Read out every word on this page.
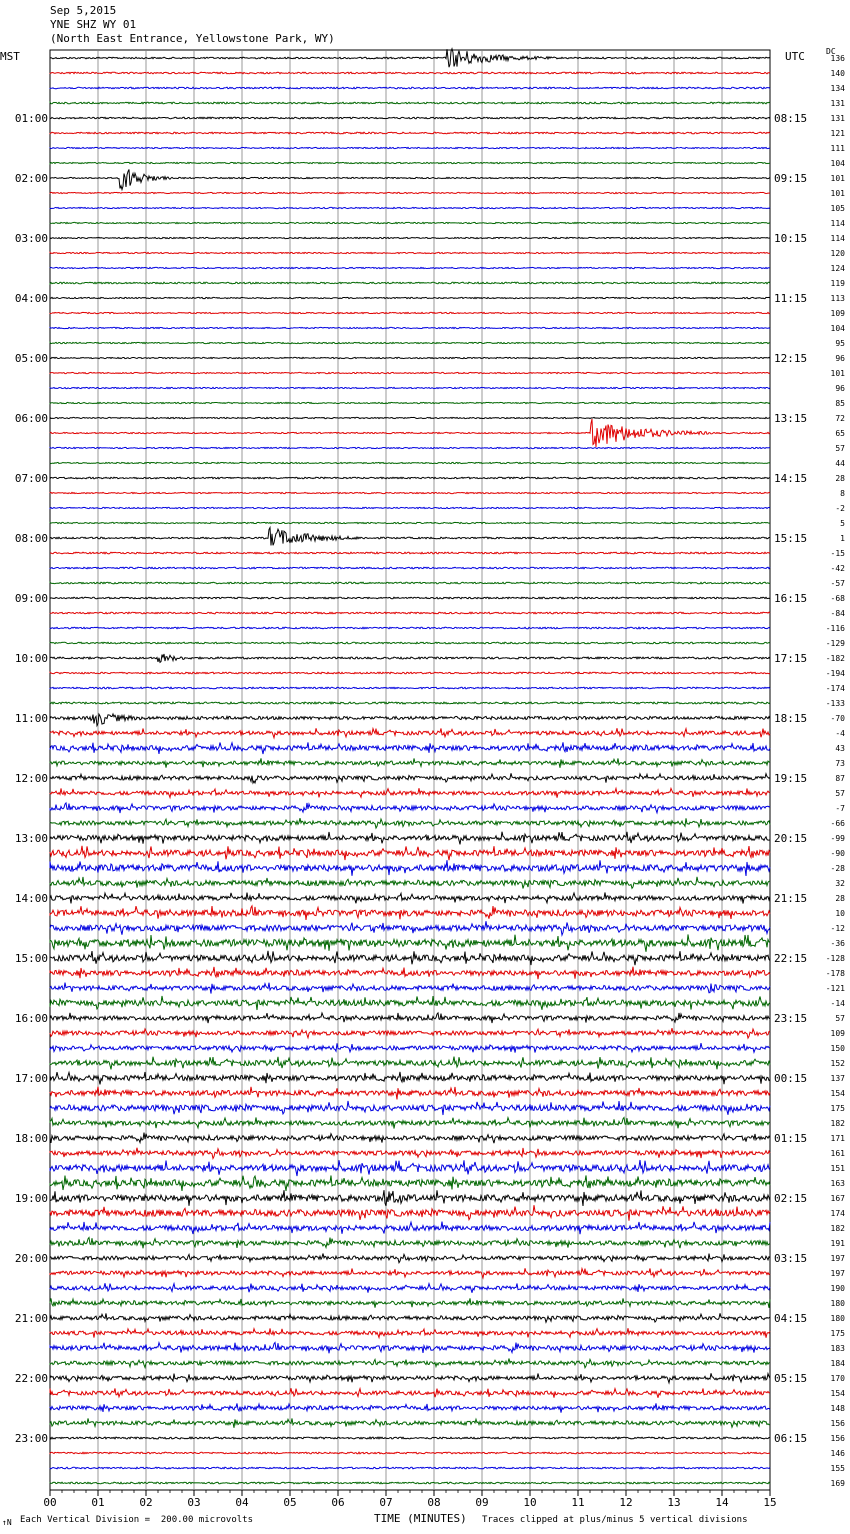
Sep 5,2015
YNE SHZ WY 01
(North East Entrance, Yellowstone Park, WY)
MST	UTC	DC
00	01	02	03	04	05	06	07	08	09	10	11	12	13	14	15
136
140
134
131
131
121
111
104
101
101
105
114
114
120
124
119
113
109
104
95
96
101
96
85
72
65
57
44
28
8
-2
5
1
-15
-42
-57
-68
-84
-116
-129
-182
-194
-174
-133
-70
-4
43
73
87
57
-7
-66
-99
-90
-28
32
28
10
-12
-36
-128
-178
-121
-14
57
109
150
152
137
154
175
182
171
161
151
163
167
174
182
191
197
197
190
180
180
175
183
184
170
154
148
156
156
146
155
169
01:00
02:00
03:00
04:00
05:00
06:00
07:00
08:00
09:00
10:00
11:00
12:00
13:00
14:00
15:00
16:00
17:00
18:00
19:00
20:00
21:00
22:00
23:00
08:15
09:15
10:15
11:15
12:15
13:15
14:15
15:15
16:15
17:15
18:15
19:15
20:15
21:15
22:15
23:15
00:15
01:15
02:15
03:15
04:15
05:15
06:15
↑N Each Vertical Division =  200.00 microvolts	TIME (MINUTES) Traces clipped at plus/minus 5 vertical divisions
